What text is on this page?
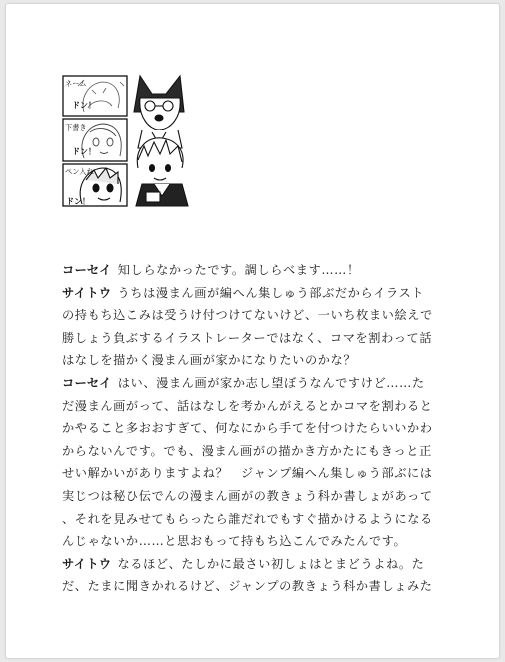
ネーム
下書き
ペン入れ
ドン！
ドン！
ドン！
コーセイ 知しらなかったです。調しらべます……！
サイトウ うちは漫まん画が編へん集しゅう部ぶだからイラスト
の持もち込こみは受うけ付つけてないけど、一いち枚まい絵えで
勝しょう負ぶするイラストレーターではなく、コマを割わって話
はなしを描かく漫まん画が家かになりたいのかな？
コーセイ はい、漫まん画が家か志し望ぼうなんですけど……た
だ漫まん画がって、話はなしを考かんがえるとかコマを割わると
かやること多おおすぎて、何なにから手てを付つけたらいいかわ
からないんです。でも、漫まん画がの描かき方かたにもきっと正
せい解かいがありますよね？　ジャンプ編へん集しゅう部ぶには
実じつは秘ひ伝でんの漫まん画がの教きょう科か書しょがあって
、それを見みせてもらったら誰だれでもすぐ描かけるようになる
んじゃないか……と思おもって持もち込こんでみたんです。
サイトウ なるほど、たしかに最さい初しょはとまどうよね。た
だ、たまに聞きかれるけど、ジャンプの教きょう科か書しょみた
